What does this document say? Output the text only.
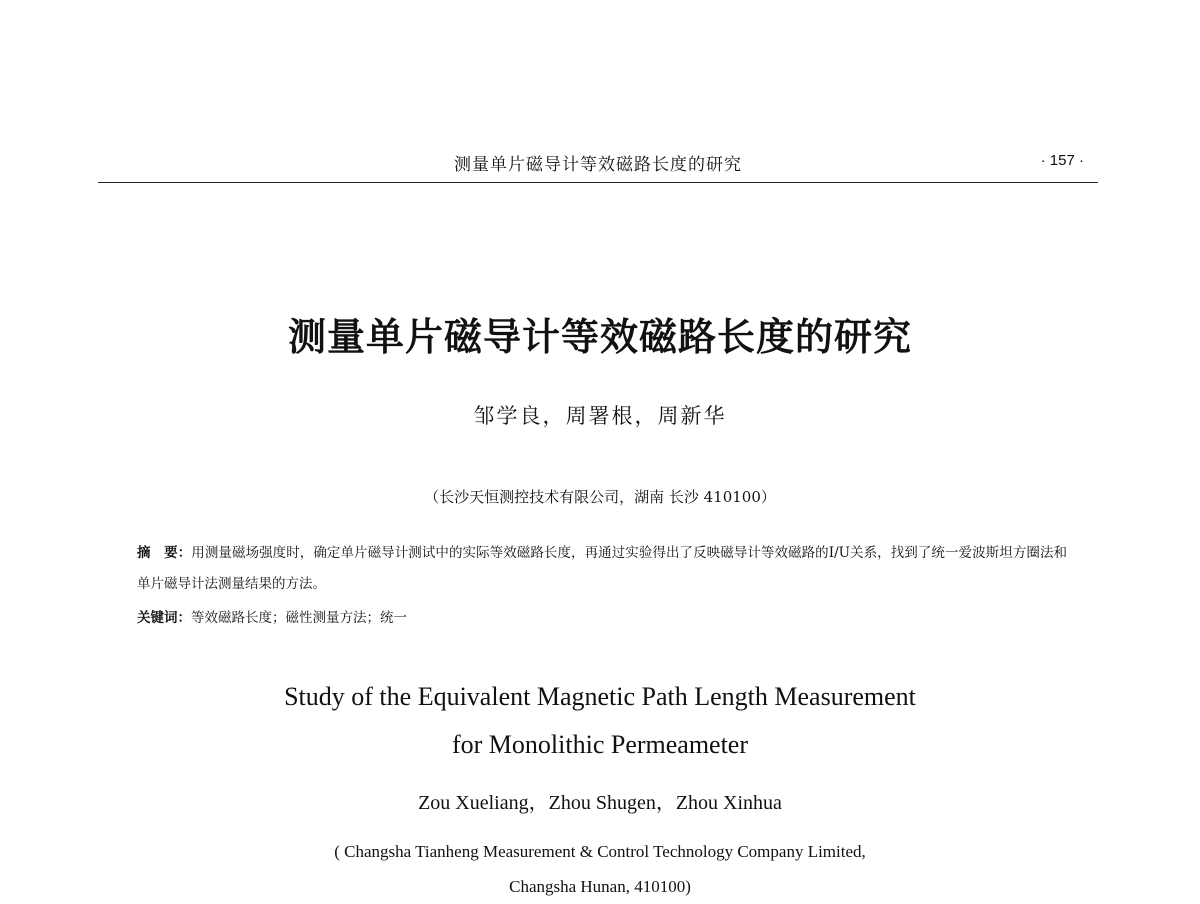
测量单片磁导计等效磁路长度的研究	· 157 ·
测量单片磁导计等效磁路长度的研究
邹学良，周署根，周新华
（长沙天恒测控技术有限公司，湖南 长沙 410100）
摘　要：用测量磁场强度时，确定单片磁导计测试中的实际等效磁路长度，再通过实验得出了反映磁导计等效磁路的I/U关系，找到了统一爱波斯坦方圈法和单片磁导计法测量结果的方法。
关键词：等效磁路长度；磁性测量方法；统一
Study of the Equivalent Magnetic Path Length Measurement
for Monolithic Permeameter
Zou Xueliang，Zhou Shugen，Zhou Xinhua
( Changsha Tianheng Measurement & Control Technology Company Limited,
Changsha Hunan, 410100)
